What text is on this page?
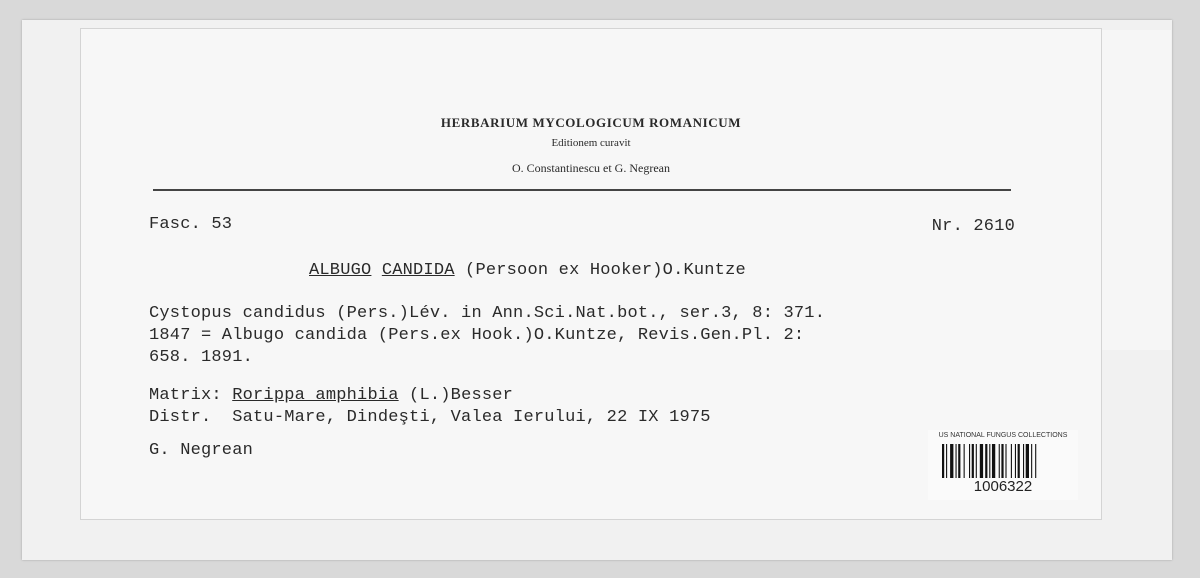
HERBARIUM MYCOLOGICUM ROMANICUM
Editionem curavit
O. Constantinescu et G. Negrean
Fasc. 53	Nr. 2610
ALBUGO CANDIDA (Persoon ex Hooker)O.Kuntze
Cystopus candidus (Pers.)Lév. in Ann.Sci.Nat.bot., ser.3, 8: 371.
1847 = Albugo candida (Pers.ex Hook.)O.Kuntze, Revis.Gen.Pl. 2:
658. 1891.
Matrix: Rorippa amphibia (L.)Besser
Distr.  Satu-Mare, Dindeşti, Valea Ierului, 22 IX 1975
G. Negrean
US NATIONAL FUNGUS COLLECTIONS
1006322
